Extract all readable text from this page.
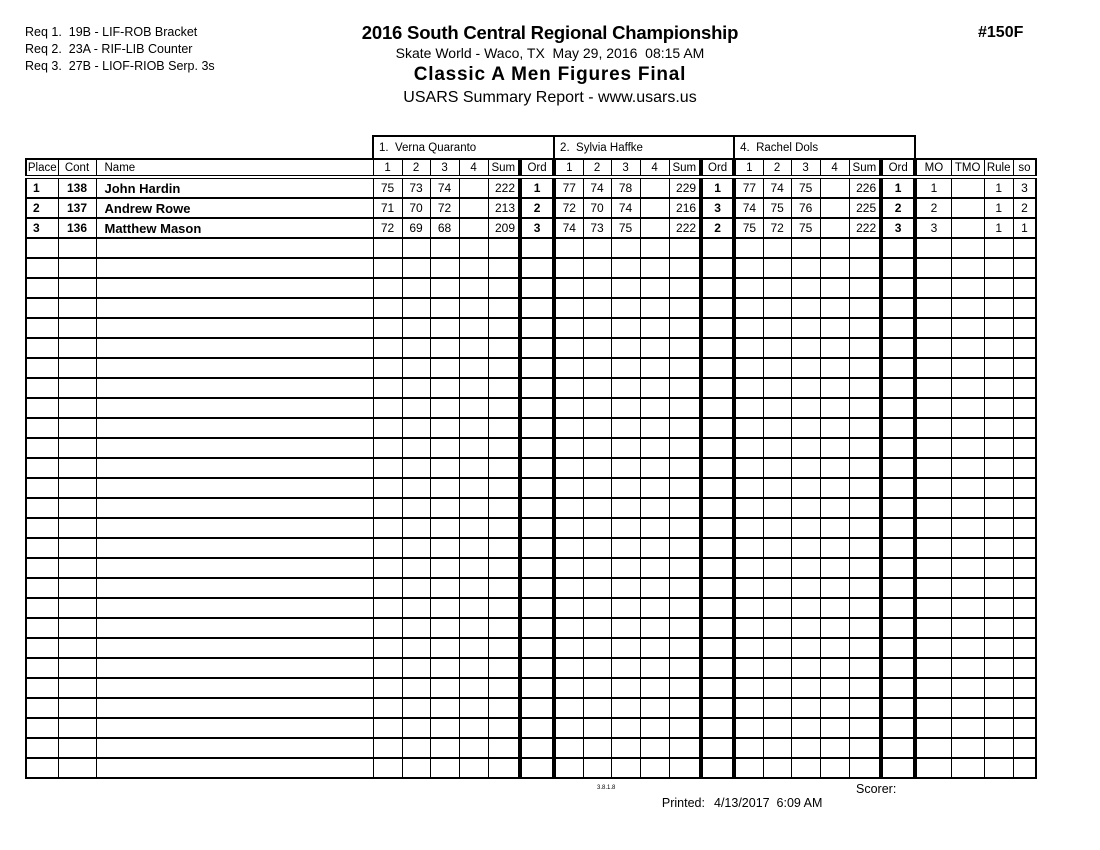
Req 1.  19B - LIF-ROB Bracket
Req 2.  23A - RIF-LIB Counter
Req 3.  27B - LIOF-RIOB Serp. 3s
2016 South Central Regional Championship
Skate World - Waco, TX  May 29, 2016  08:15 AM
Classic A Men Figures Final
USARS Summary Report - www.usars.us
#150F
			1.  Verna Quaranto						2.  Sylvia Haffke						4.  Rachel Dols									
Place	Cont	Name	1	2	3	4	Sum	Ord	1	2	3	4	Sum	Ord	1	2	3	4	Sum	Ord	MO	TMO	Rule	so
1	138	John Hardin	75	73	74		222	1	77	74	78		229	1	77	74	75		226	1	1		1	3
2	137	Andrew Rowe	71	70	72		213	2	72	70	74		216	3	74	75	76		225	2	2		1	2
3	136	Matthew Mason	72	69	68		209	3	74	73	75		222	2	75	72	75		222	3	3		1	1

3.8.1.8

Printed: 4/13/2017  6:09 AM

Scorer:
